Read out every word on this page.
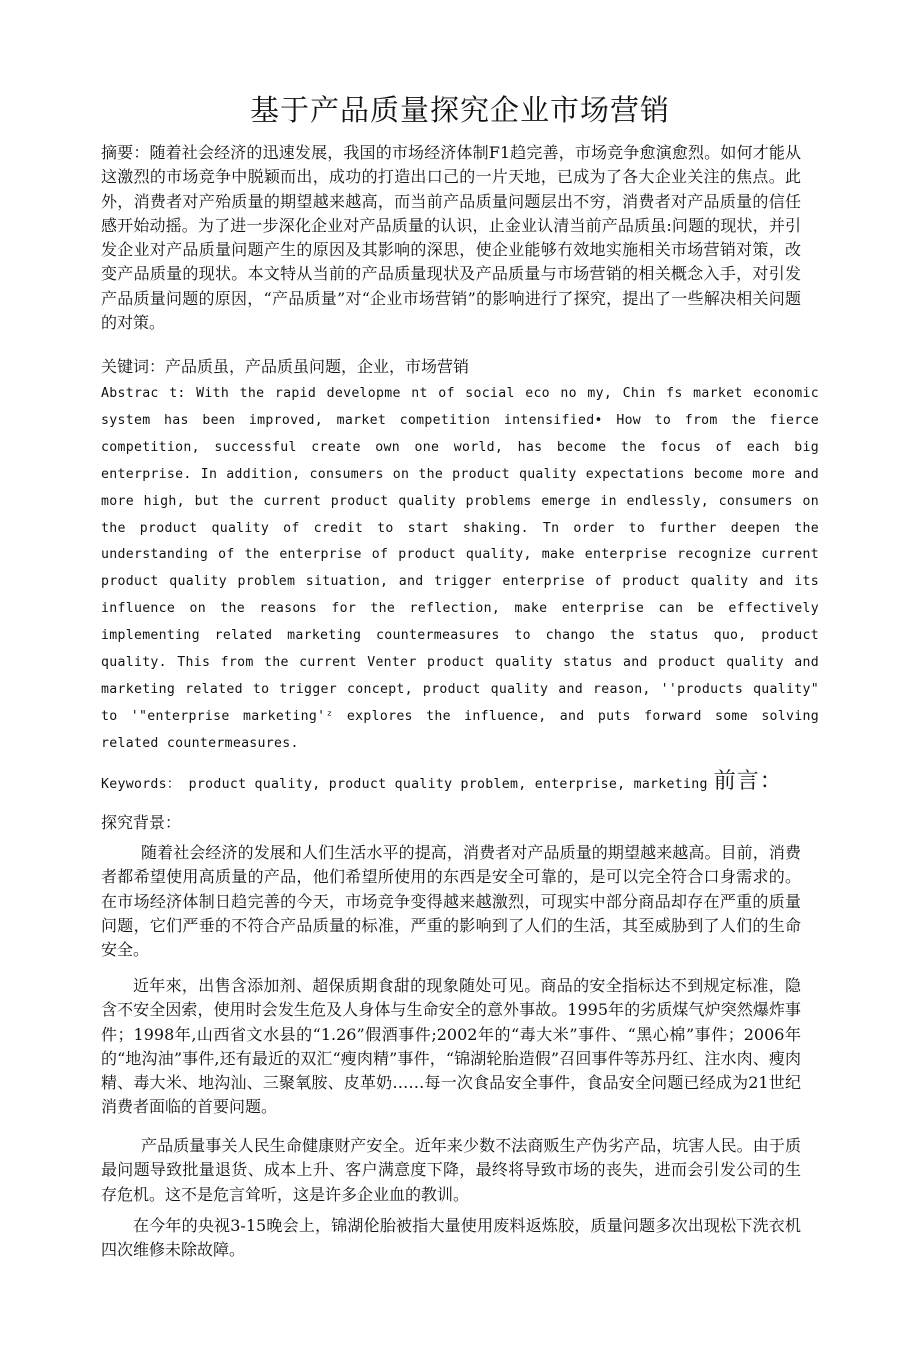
基于产品质量探究企业市场营销

摘要：随着社会经济的迅速发展，我国的市场经济体制F1趋完善，市场竞争愈演愈烈。如何才能从这激烈的市场竞争中脱颖而出，成功的打造出口己的一片天地，已成为了各大企业关注的焦点。此外，消费者对产殆质量的期望越来越高，而当前产品质量问题层出不穷，消费者对产品质量的信任感开始动摇。为了进一步深化企业对产品质量的认识，止金业认清当前产品质虽:问题的现状，并引发企业对产品质量问题产生的原因及其影响的深思，使企业能够冇效地实施相关市场营销对策，改变产品质量的现状。本文特从当前的产品质量现状及产品质量与市场营销的相关概念入手，对引发产品质量问题的原因，“产品质量”对“企业市场营销”的影响进行了探究，提出了一些解决相关问题的对策。

关键词：产品质虽，产品质虽问题，企业，市场营销

Abstrac t: With the rapid developme nt of social eco no my, Chin fs market economic system has been improved, market competition intensified• How to from the fierce competition, successful create own one world, has become the focus of each big enterprise. In addition, consumers on the product quality expectations become more and more high, but the current product quality problems emerge in endlessly, consumers on the product quality of credit to start shaking. Tn order to further deepen the understanding of the enterprise of product quality, make enterprise recognize current product quality problem situation, and trigger enterprise of product quality and its influence on the reasons for the reflection, make enterprise can be effectively implementing related marketing countermeasures to chango the status quo, product quality. This from the current Venter product quality status and product quality and marketing related to trigger concept, product quality and reason, ''products quality" to '"enterprise marketing'ᶻ explores the influence, and puts forward some solving related countermeasures.

Keywords： product quality, product quality problem, enterprise, marketing 前言：

探究背景：

随着社会经济的发展和人们生活水平的提高，消费者对产品质量的期望越来越高。目前，消费者都希望使用高质量的产品，他们希望所使用的东西是安全可靠的，是可以完全符合口身需求的。在市场经济体制日趋完善的今天，市场竞争变得越来越激烈，可现实中部分商品却存在严重的质量问题，它们严垂的不符合产品质量的标准，严重的影响到了人们的生活，其至威胁到了人们的生命安全。

近年來，出售含添加剂、超保质期食甜的现象随处可见。商品的安全指标达不到规定标准，隐含不安全因索，使用时会发生危及人身体与生命安全的意外事故。1995年的劣质煤气炉突然爆炸事件；1998年,山西省文水县的“1.26”假酒事件;2002年的“毒大米”事件、“黑心棉”事件；2006年的“地沟油”事件,还有最近的双汇“瘦肉精”事件，“锦湖轮胎造假”召回事件等苏丹红、注水肉、瘦肉精、毒大米、地沟汕、三聚氧胺、皮革奶……每一次食品安全事件，食品安全问题已经成为21世纪消费者面临的首要问题。

产品质量事关人民生命健康财产安全。近年来少数不法商贩生产伪劣产品，坑害人民。由于质最问题导致批量退货、成本上升、客户满意度下降，最终将导致市场的丧失，进而会引发公司的生存危机。这不是危言耸听，这是许多企业血的教训。

在今年的央视3-15晚会上，锦湖伦胎被指大量使用废料返炼胶，质量问题多次出现松下洗衣机四次维修未除故障。
